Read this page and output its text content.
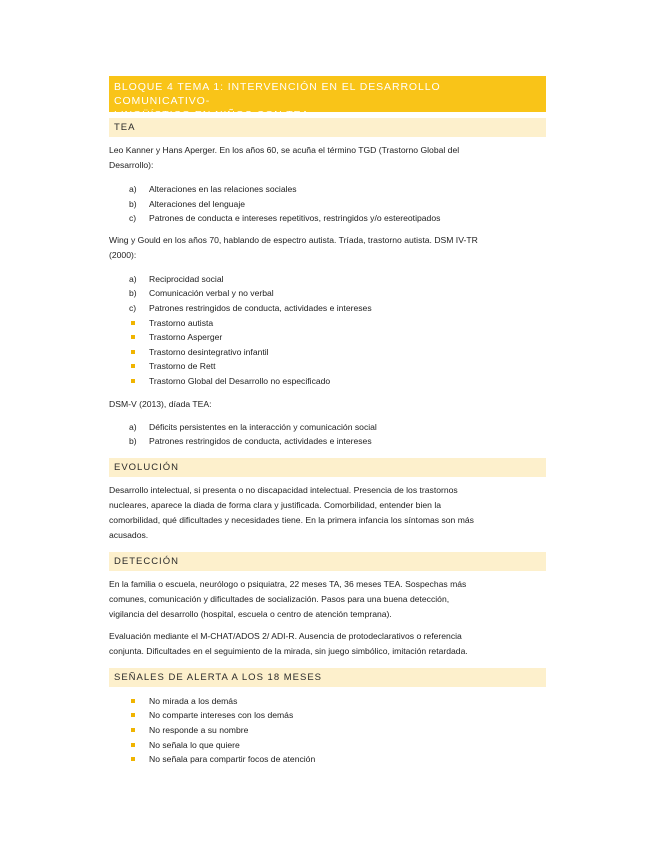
BLOQUE 4 TEMA 1: INTERVENCIÓN EN EL DESARROLLO COMUNICATIVO-
LINGÜÍSTICO EN NIÑOS CON TEA
TEA
Leo Kanner y Hans Aperger. En los años 60, se acuña el término TGD (Trastorno Global del
Desarrollo):
a)	Alteraciones en las relaciones sociales
b)	Alteraciones del lenguaje
c)	Patrones de conducta e intereses repetitivos, restringidos y/o estereotipados
Wing y Gould en los años 70, hablando de espectro autista. Tríada, trastorno autista. DSM IV-TR
(2000):
a)	Reciprocidad social
b)	Comunicación verbal y no verbal
c)	Patrones restringidos de conducta, actividades e intereses
Trastorno autista
Trastorno Asperger
Trastorno desintegrativo infantil
Trastorno de Rett
Trastorno Global del Desarrollo no especificado
DSM-V (2013), díada TEA:
a)	Déficits persistentes en la interacción y comunicación social
b)	Patrones restringidos de conducta, actividades e intereses
EVOLUCIÓN
Desarrollo intelectual, si presenta o no discapacidad intelectual. Presencia de los trastornos
nucleares, aparece la diada de forma clara y justificada. Comorbilidad, entender bien la
comorbilidad, qué dificultades y necesidades tiene. En la primera infancia los síntomas son más
acusados.
DETECCIÓN
En la familia o escuela, neurólogo o psiquiatra, 22 meses TA, 36 meses TEA. Sospechas más
comunes, comunicación y dificultades de socialización. Pasos para una buena detección,
vigilancia del desarrollo (hospital, escuela o centro de atención temprana).
Evaluación mediante el M-CHAT/ADOS 2/ ADI-R. Ausencia de protodeclarativos o referencia
conjunta. Dificultades en el seguimiento de la mirada, sin juego simbólico, imitación retardada.
SEÑALES DE ALERTA A LOS 18 MESES
No mirada a los demás
No comparte intereses con los demás
No responde a su nombre
No señala lo que quiere
No señala para compartir focos de atención
